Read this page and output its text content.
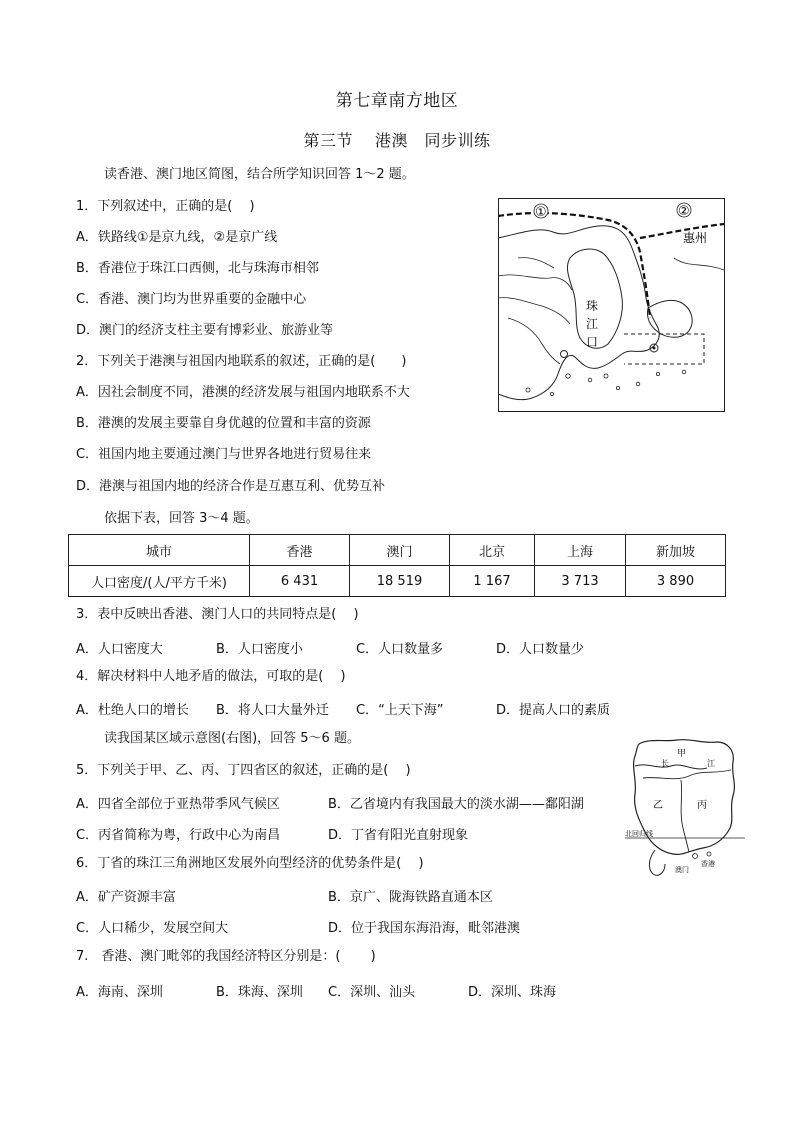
第七章南方地区
第三节　 港澳　同步训练
读香港、澳门地区简图，结合所学知识回答 1～2 题。
1．下列叙述中，正确的是(　 )
A．铁路线①是京九线，②是京广线
B．香港位于珠江口西侧，北与珠海市相邻
C．香港、澳门均为世界重要的金融中心
D．澳门的经济支柱主要有博彩业、旅游业等
2．下列关于港澳与祖国内地联系的叙述，正确的是(　　)
A．因社会制度不同，港澳的经济发展与祖国内地联系不大
B．港澳的发展主要靠自身优越的位置和丰富的资源
C．祖国内地主要通过澳门与世界各地进行贸易往来
D．港澳与祖国内地的经济合作是互惠互利、优势互补
依据下表，回答 3～4 题。
城市	香港	澳门	北京	上海	新加坡
人口密度/(人/平方千米)	6 431	18 519	1 167	3 713	3 890
3．表中反映出香港、澳门人口的共同特点是(　 )
A．人口密度大	B．人口密度小	C．人口数量多	D．人口数量少
4．解决材料中人地矛盾的做法，可取的是(　 )
A．杜绝人口的增长 B．将人口大量外迁 C．“上天下海”	D．提高人口的素质
读我国某区域示意图(右图)，回答 5～6 题。
5．下列关于甲、乙、丙、丁四省区的叙述，正确的是(　 )
A．四省全部位于亚热带季风气候区	B．乙省境内有我国最大的淡水湖——鄱阳湖
C．丙省简称为粤，行政中心为南昌	D．丁省有阳光直射现象
6．丁省的珠江三角洲地区发展外向型经济的优势条件是(　 )
A．矿产资源丰富	B．京广、陇海铁路直通本区
C．人口稀少，发展空间大	D．位于我国东海沿海，毗邻港澳
7.　香港、澳门毗邻的我国经济特区分别是：(　　 )
A．海南、深圳	B．珠海、深圳 C．深圳、汕头	D．深圳、珠海
①	②
惠州
珠
江
口
甲
长	江
乙	丙
北回归线
香港
澳门
